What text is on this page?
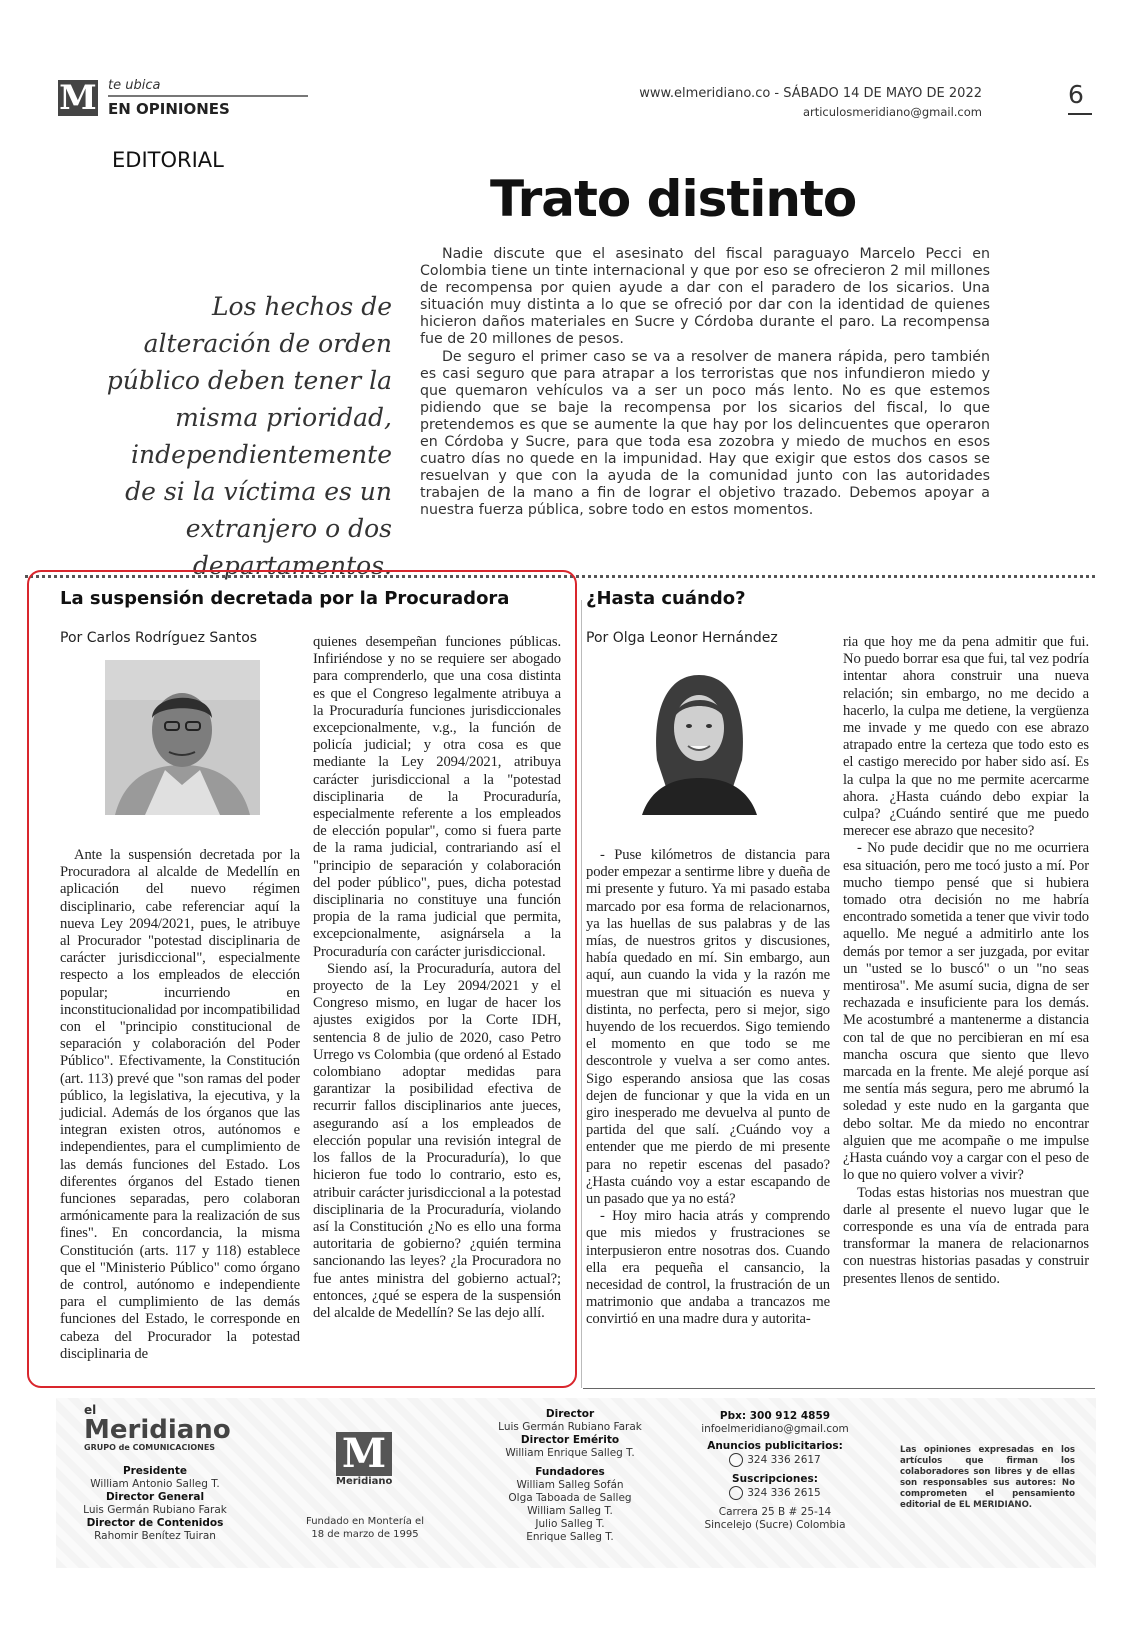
M te ubica
EN OPINIONES
www.elmeridiano.co - SÁBADO 14 DE MAYO DE 2022
articulosmeridiano@gmail.com
6
EDITORIAL
Trato distinto
Los hechos de alteración de orden público deben tener la misma prioridad, independientemente de si la víctima es un extranjero o dos departamentos.

Nadie discute que el asesinato del fiscal paraguayo Marcelo Pecci en Colombia tiene un tinte internacional y que por eso se ofrecieron 2 mil millones de recompensa por quien ayude a dar con el paradero de los sicarios. Una situación muy distinta a lo que se ofreció por dar con la identidad de quienes hicieron daños materiales en Sucre y Córdoba durante el paro. La recompensa fue de 20 millones de pesos.

De seguro el primer caso se va a resolver de manera rápida, pero también es casi seguro que para atrapar a los terroristas que nos infundieron miedo y que quemaron vehículos va a ser un poco más lento. No es que estemos pidiendo que se baje la recompensa por los sicarios del fiscal, lo que pretendemos es que se aumente la que hay por los delincuentes que operaron en Córdoba y Sucre, para que toda esa zozobra y miedo de muchos en esos cuatro días no quede en la impunidad. Hay que exigir que estos dos casos se resuelvan y que con la ayuda de la comunidad junto con las autoridades trabajen de la mano a fin de lograr el objetivo trazado. Debemos apoyar a nuestra fuerza pública, sobre todo en estos momentos.

La suspensión decretada por la Procuradora
Por Carlos Rodríguez Santos

Ante la suspensión decretada por la Procuradora al alcalde de Medellín en aplicación del nuevo régimen disciplinario, cabe referenciar aquí la nueva Ley 2094/2021, pues, le atribuye al Procurador "potestad disciplinaria de carácter jurisdiccional", especialmente respecto a los empleados de elección popular; incurriendo en inconstitucionalidad por incompatibilidad con el "principio constitucional de separación y colaboración del Poder Público". Efectivamente, la Constitución (art. 113) prevé que "son ramas del poder público, la legislativa, la ejecutiva, y la judicial. Además de los órganos que las integran existen otros, autónomos e independientes, para el cumplimiento de las demás funciones del Estado. Los diferentes órganos del Estado tienen funciones separadas, pero colaboran armónicamente para la realización de sus fines". En concordancia, la misma Constitución (arts. 117 y 118) establece que el "Ministerio Público" como órgano de control, autónomo e independiente para el cumplimiento de las demás funciones del Estado, le corresponde en cabeza del Procurador la potestad disciplinaria de

quienes desempeñan funciones públicas. Infiriéndose y no se requiere ser abogado para comprenderlo, que una cosa distinta es que el Congreso legalmente atribuya a la Procuraduría funciones jurisdiccionales excepcionalmente, v.g., la función de policía judicial; y otra cosa es que mediante la Ley 2094/2021, atribuya carácter jurisdiccional a la "potestad disciplinaria de la Procuraduría, especialmente referente a los empleados de elección popular", como si fuera parte de la rama judicial, contrariando así el "principio de separación y colaboración del poder público", pues, dicha potestad disciplinaria no constituye una función propia de la rama judicial que permita, excepcionalmente, asignársela a la Procuraduría con carácter jurisdiccional.

Siendo así, la Procuraduría, autora del proyecto de la Ley 2094/2021 y el Congreso mismo, en lugar de hacer los ajustes exigidos por la Corte IDH, sentencia 8 de julio de 2020, caso Petro Urrego vs Colombia (que ordenó al Estado colombiano adoptar medidas para garantizar la posibilidad efectiva de recurrir fallos disciplinarios ante jueces, asegurando así a los empleados de elección popular una revisión integral de los fallos de la Procuraduría), lo que hicieron fue todo lo contrario, esto es, atribuir carácter jurisdiccional a la potestad disciplinaria de la Procuraduría, violando así la Constitución ¿No es ello una forma autoritaria de gobierno? ¿quién termina sancionando las leyes? ¿la Procuradora no fue antes ministra del gobierno actual?; entonces, ¿qué se espera de la suspensión del alcalde de Medellín? Se las dejo allí.

¿Hasta cuándo?
Por Olga Leonor Hernández

- Puse kilómetros de distancia para poder empezar a sentirme libre y dueña de mi presente y futuro. Ya mi pasado estaba marcado por esa forma de relacionarnos, ya las huellas de sus palabras y de las mías, de nuestros gritos y discusiones, había quedado en mí. Sin embargo, aun aquí, aun cuando la vida y la razón me muestran que mi situación es nueva y distinta, no perfecta, pero si mejor, sigo huyendo de los recuerdos. Sigo temiendo el momento en que todo se me descontrole y vuelva a ser como antes. Sigo esperando ansiosa que las cosas dejen de funcionar y que la vida en un giro inesperado me devuelva al punto de partida del que salí. ¿Cuándo voy a entender que me pierdo de mi presente para no repetir escenas del pasado? ¿Hasta cuándo voy a estar escapando de un pasado que ya no está?

- Hoy miro hacia atrás y comprendo que mis miedos y frustraciones se interpusieron entre nosotras dos. Cuando ella era pequeña el cansancio, la necesidad de control, la frustración de un matrimonio que andaba a trancazos me convirtió en una madre dura y autorita-

ria que hoy me da pena admitir que fui. No puedo borrar esa que fui, tal vez podría intentar ahora construir una nueva relación; sin embargo, no me decido a hacerlo, la culpa me detiene, la vergüenza me invade y me quedo con ese abrazo atrapado entre la certeza que todo esto es el castigo merecido por haber sido así. Es la culpa la que no me permite acercarme ahora. ¿Hasta cuándo debo expiar la culpa? ¿Cuándo sentiré que me puedo merecer ese abrazo que necesito?

- No pude decidir que no me ocurriera esa situación, pero me tocó justo a mí. Por mucho tiempo pensé que si hubiera tomado otra decisión no me habría encontrado sometida a tener que vivir todo aquello. Me negué a admitirlo ante los demás por temor a ser juzgada, por evitar un "usted se lo buscó" o un "no seas mentirosa". Me asumí sucia, digna de ser rechazada e insuficiente para los demás. Me acostumbré a mantenerme a distancia con tal de que no percibieran en mí esa mancha oscura que siento que llevo marcada en la frente. Me alejé porque así me sentía más segura, pero me abrumó la soledad y este nudo en la garganta que debo soltar. Me da miedo no encontrar alguien que me acompañe o me impulse ¿Hasta cuándo voy a cargar con el peso de lo que no quiero volver a vivir?

Todas estas historias nos muestran que darle al presente el nuevo lugar que le corresponde es una vía de entrada para transformar la manera de relacionarnos con nuestras historias pasadas y construir presentes llenos de sentido.

el
Meridiano
GRUPO de COMUNICACIONES
Presidente
William Antonio Salleg T.
Director General
Luis Germán Rubiano Farak
Director de Contenidos
Rahomir Benítez Tuiran
M
Meridiano
Fundado en Montería el 18 de marzo de 1995
Director
Luis Germán Rubiano Farak
Director Emérito
William Enrique Salleg T.
Fundadores
William Salleg Sofán
Olga Taboada de Salleg
William Salleg T.
Julio Salleg T.
Enrique Salleg T.
Pbx: 300 912 4859
infoelmeridiano@gmail.com
Anuncios publicitarios:
324 336 2617
Suscripciones:
324 336 2615
Carrera 25 B # 25-14
Sincelejo (Sucre) Colombia
Las opiniones expresadas en los artículos que firman los colaboradores son libres y de ellas son responsables sus autores: No comprometen el pensamiento editorial de EL MERIDIANO.
